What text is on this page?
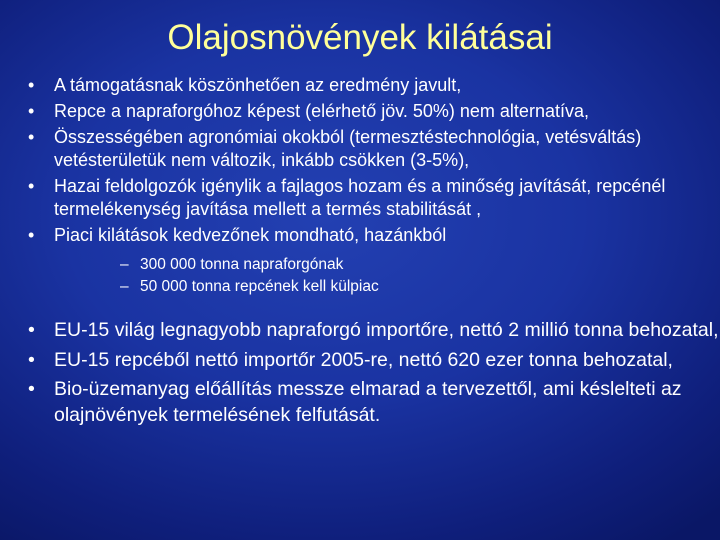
Olajosnövények kilátásai
• A támogatásnak köszönhetően az eredmény javult,
• Repce a napraforgóhoz képest (elérhető jöv. 50%) nem alternatíva,
• Összességében agronómiai okokból (termesztéstechnológia, vetésváltás) vetésterületük nem változik, inkább csökken (3-5%),
• Hazai feldolgozók igénylik a fajlagos hozam és a minőség javítását, repcénél termelékenység javítása mellett a termés stabilitását ,
• Piaci kilátások kedvezőnek mondható, hazánkból
– 300 000 tonna napraforgónak
– 50 000 tonna repcének kell külpiac
• EU-15 világ legnagyobb napraforgó importőre, nettó 2 millió tonna behozatal,
• EU-15 repcéből nettó importőr 2005-re, nettó 620 ezer tonna behozatal,
• Bio-üzemanyag előállítás messze elmarad a tervezettől, ami késlelteti az olajnövények termelésének felfutását.
